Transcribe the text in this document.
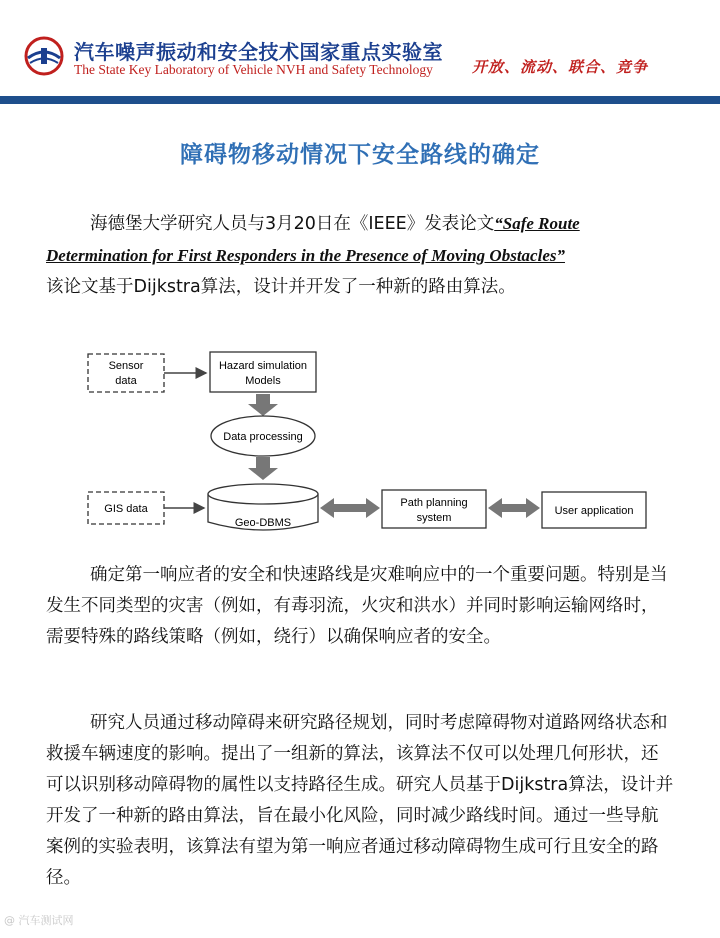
汽车噪声振动和安全技术国家重点实验室
The State Key Laboratory of Vehicle NVH and Safety Technology	开放、流动、联合、竞争
障碍物移动情况下安全路线的确定
海德堡大学研究人员与3月20日在《IEEE》发表论文“Safe Route Determination for First Responders in the Presence of Moving Obstacles”
该论文基于Dijkstra算法，设计并开发了一种新的路由算法。
Sensor
data
Hazard simulation
Models
Data processing
GIS data
Geo-DBMS
Path planning
system
User application
确定第一响应者的安全和快速路线是灾难响应中的一个重要问题。特别是当发生不同类型的灾害（例如，有毒羽流，火灾和洪水）并同时影响运输网络时，需要特殊的路线策略（例如，绕行）以确保响应者的安全。
研究人员通过移动障碍来研究路径规划，同时考虑障碍物对道路网络状态和救援车辆速度的影响。提出了一组新的算法，该算法不仅可以处理几何形状，还可以识别移动障碍物的属性以支持路径生成。研究人员基于Dijkstra算法，设计并开发了一种新的路由算法，旨在最小化风险，同时减少路线时间。通过一些导航案例的实验表明，该算法有望为第一响应者通过移动障碍物生成可行且安全的路径。
@ 汽车测试网
